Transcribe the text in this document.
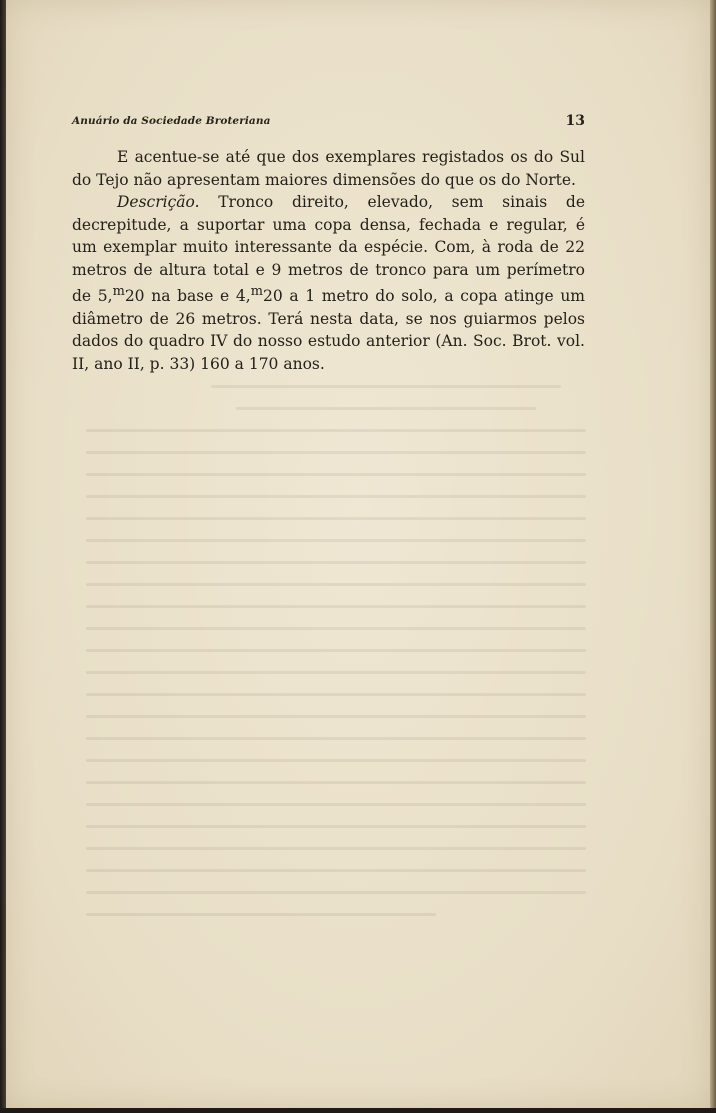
Anuário da Sociedade Broteriana	13

E acentue-se até que dos exemplares registados os do Sul do Tejo não apresentam maiores dimensões do que os do Norte.

Descrição. Tronco direito, elevado, sem sinais de decrepitude, a suportar uma copa densa, fechada e regular, é um exemplar muito interessante da espécie. Com, à roda de 22 metros de altura total e 9 metros de tronco para um perímetro de 5,$^m$20 na base e 4,$^m$20 a 1 metro do solo, a copa atinge um diâmetro de 26 metros. Terá nesta data, se nos guiarmos pelos dados do quadro IV do nosso estudo anterior (An. Soc. Brot. vol. II, ano II, p. 33) 160 a 170 anos.
